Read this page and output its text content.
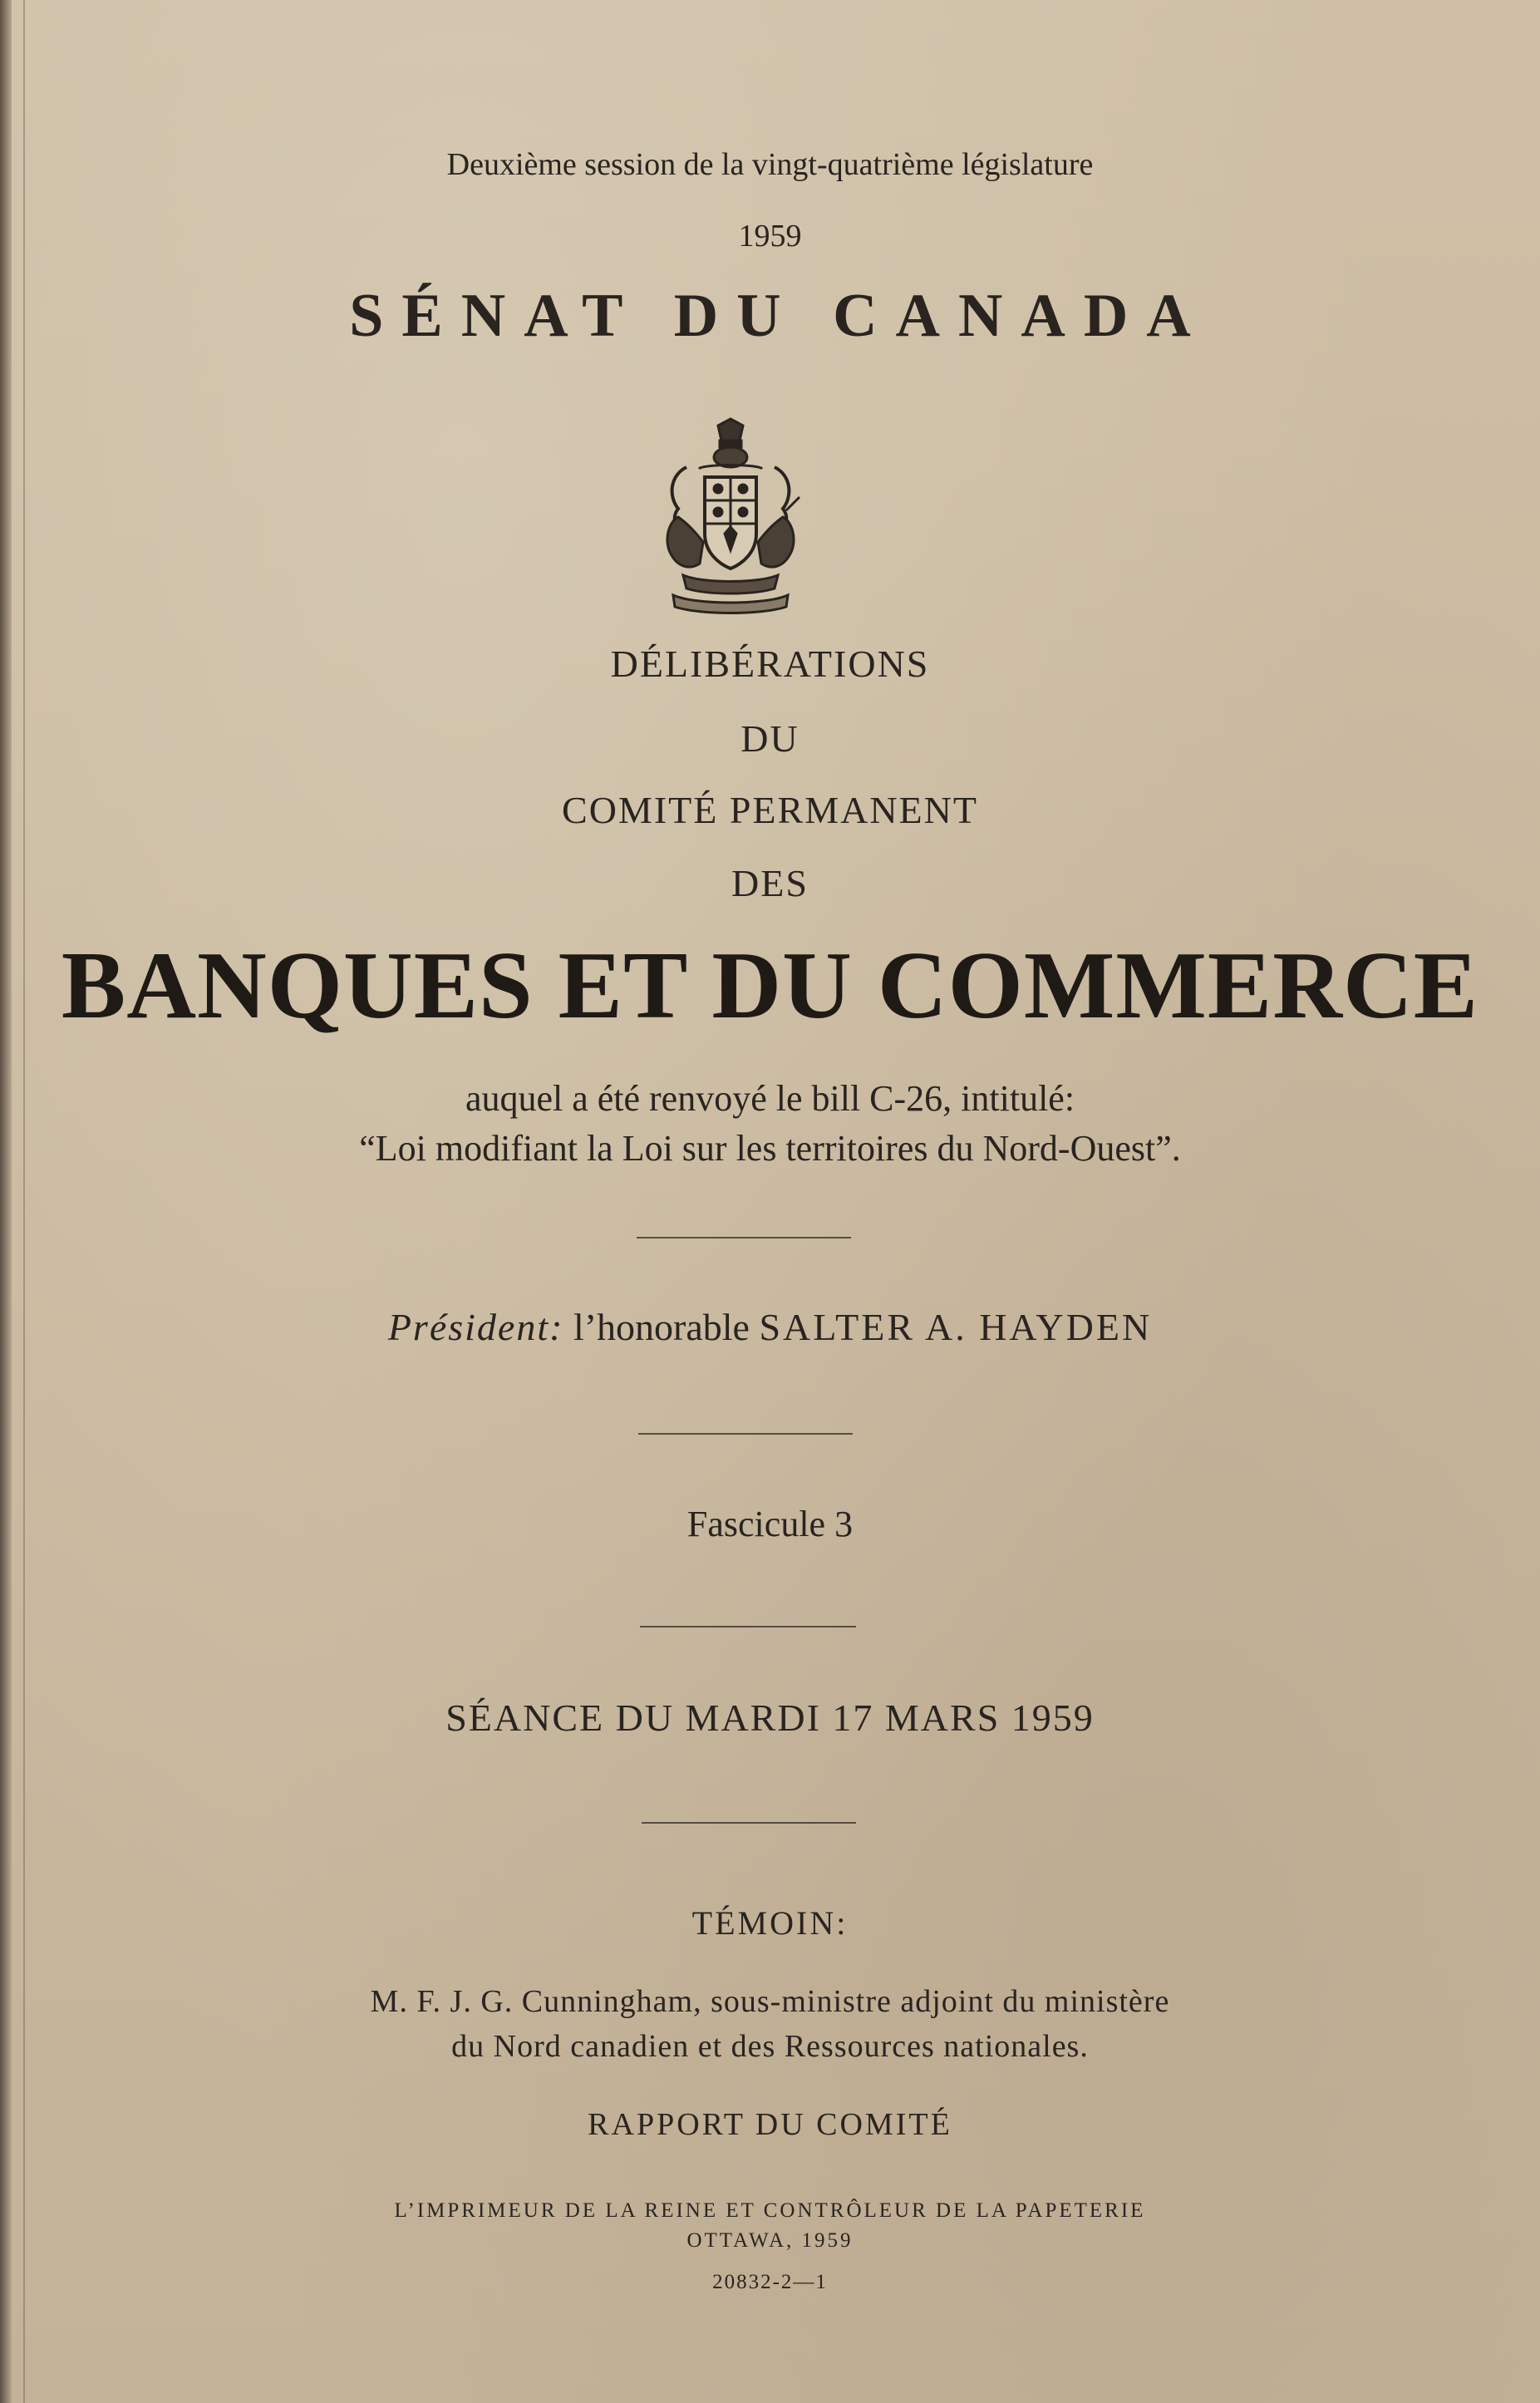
Deuxième session de la vingt-quatrième législature
1959
SÉNAT DU CANADA
DÉLIBÉRATIONS
DU
COMITÉ PERMANENT
DES
BANQUES ET DU COMMERCE
auquel a été renvoyé le bill C-26, intitulé:
“Loi modifiant la Loi sur les territoires du Nord-Ouest”.
Président: l’honorable SALTER A. HAYDEN
Fascicule 3
SÉANCE DU MARDI 17 MARS 1959
TÉMOIN:
M. F. J. G. Cunningham, sous-ministre adjoint du ministère
du Nord canadien et des Ressources nationales.
RAPPORT DU COMITÉ
L’IMPRIMEUR DE LA REINE ET CONTRÔLEUR DE LA PAPETERIE
OTTAWA, 1959
20832-2—1
